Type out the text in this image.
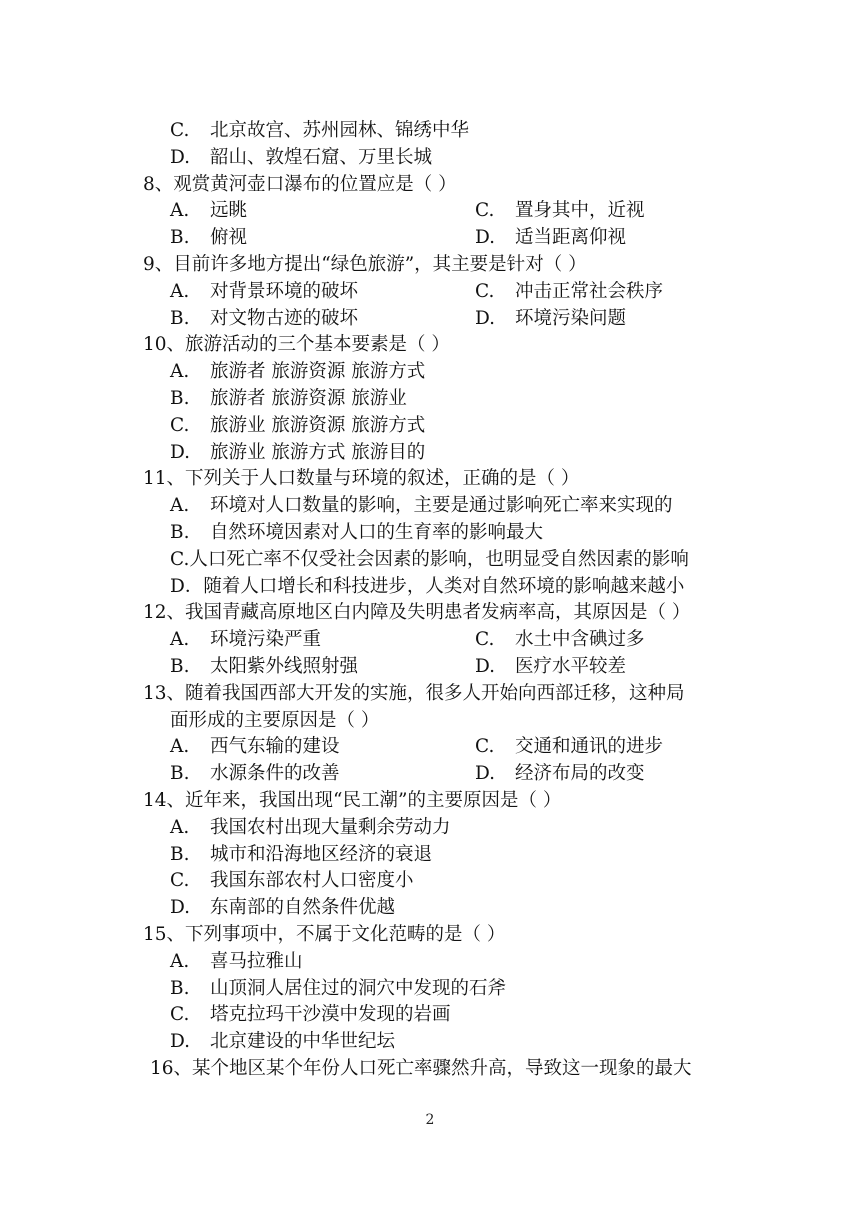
C. 北京故宫、苏州园林、锦绣中华
D. 韶山、敦煌石窟、万里长城
8、观赏黄河壶口瀑布的位置应是（ ）
A. 远眺	C. 置身其中，近视
B. 俯视	D. 适当距离仰视
9、目前许多地方提出“绿色旅游”，其主要是针对（ ）
A. 对背景环境的破坏	C. 冲击正常社会秩序
B. 对文物古迹的破坏	D. 环境污染问题
10、旅游活动的三个基本要素是（ ）
A. 旅游者 旅游资源 旅游方式
B. 旅游者 旅游资源 旅游业
C. 旅游业 旅游资源 旅游方式
D. 旅游业 旅游方式 旅游目的
11、下列关于人口数量与环境的叙述，正确的是（ ）
A. 环境对人口数量的影响，主要是通过影响死亡率来实现的
B. 自然环境因素对人口的生育率的影响最大
C.人口死亡率不仅受社会因素的影响，也明显受自然因素的影响
D．随着人口增长和科技进步，人类对自然环境的影响越来越小
12、我国青藏高原地区白内障及失明患者发病率高，其原因是（ ）
A. 环境污染严重	C. 水土中含碘过多
B. 太阳紫外线照射强	D. 医疗水平较差
13、随着我国西部大开发的实施，很多人开始向西部迁移，这种局
面形成的主要原因是（ ）
A. 西气东输的建设	C. 交通和通讯的进步
B. 水源条件的改善	D. 经济布局的改变
14、近年来，我国出现“民工潮”的主要原因是（ ）
A. 我国农村出现大量剩余劳动力
B. 城市和沿海地区经济的衰退
C. 我国东部农村人口密度小
D. 东南部的自然条件优越
15、下列事项中，不属于文化范畴的是（ ）
A. 喜马拉雅山
B. 山顶洞人居住过的洞穴中发现的石斧
C. 塔克拉玛干沙漠中发现的岩画
D. 北京建设的中华世纪坛
16、某个地区某个年份人口死亡率骤然升高，导致这一现象的最大
2
